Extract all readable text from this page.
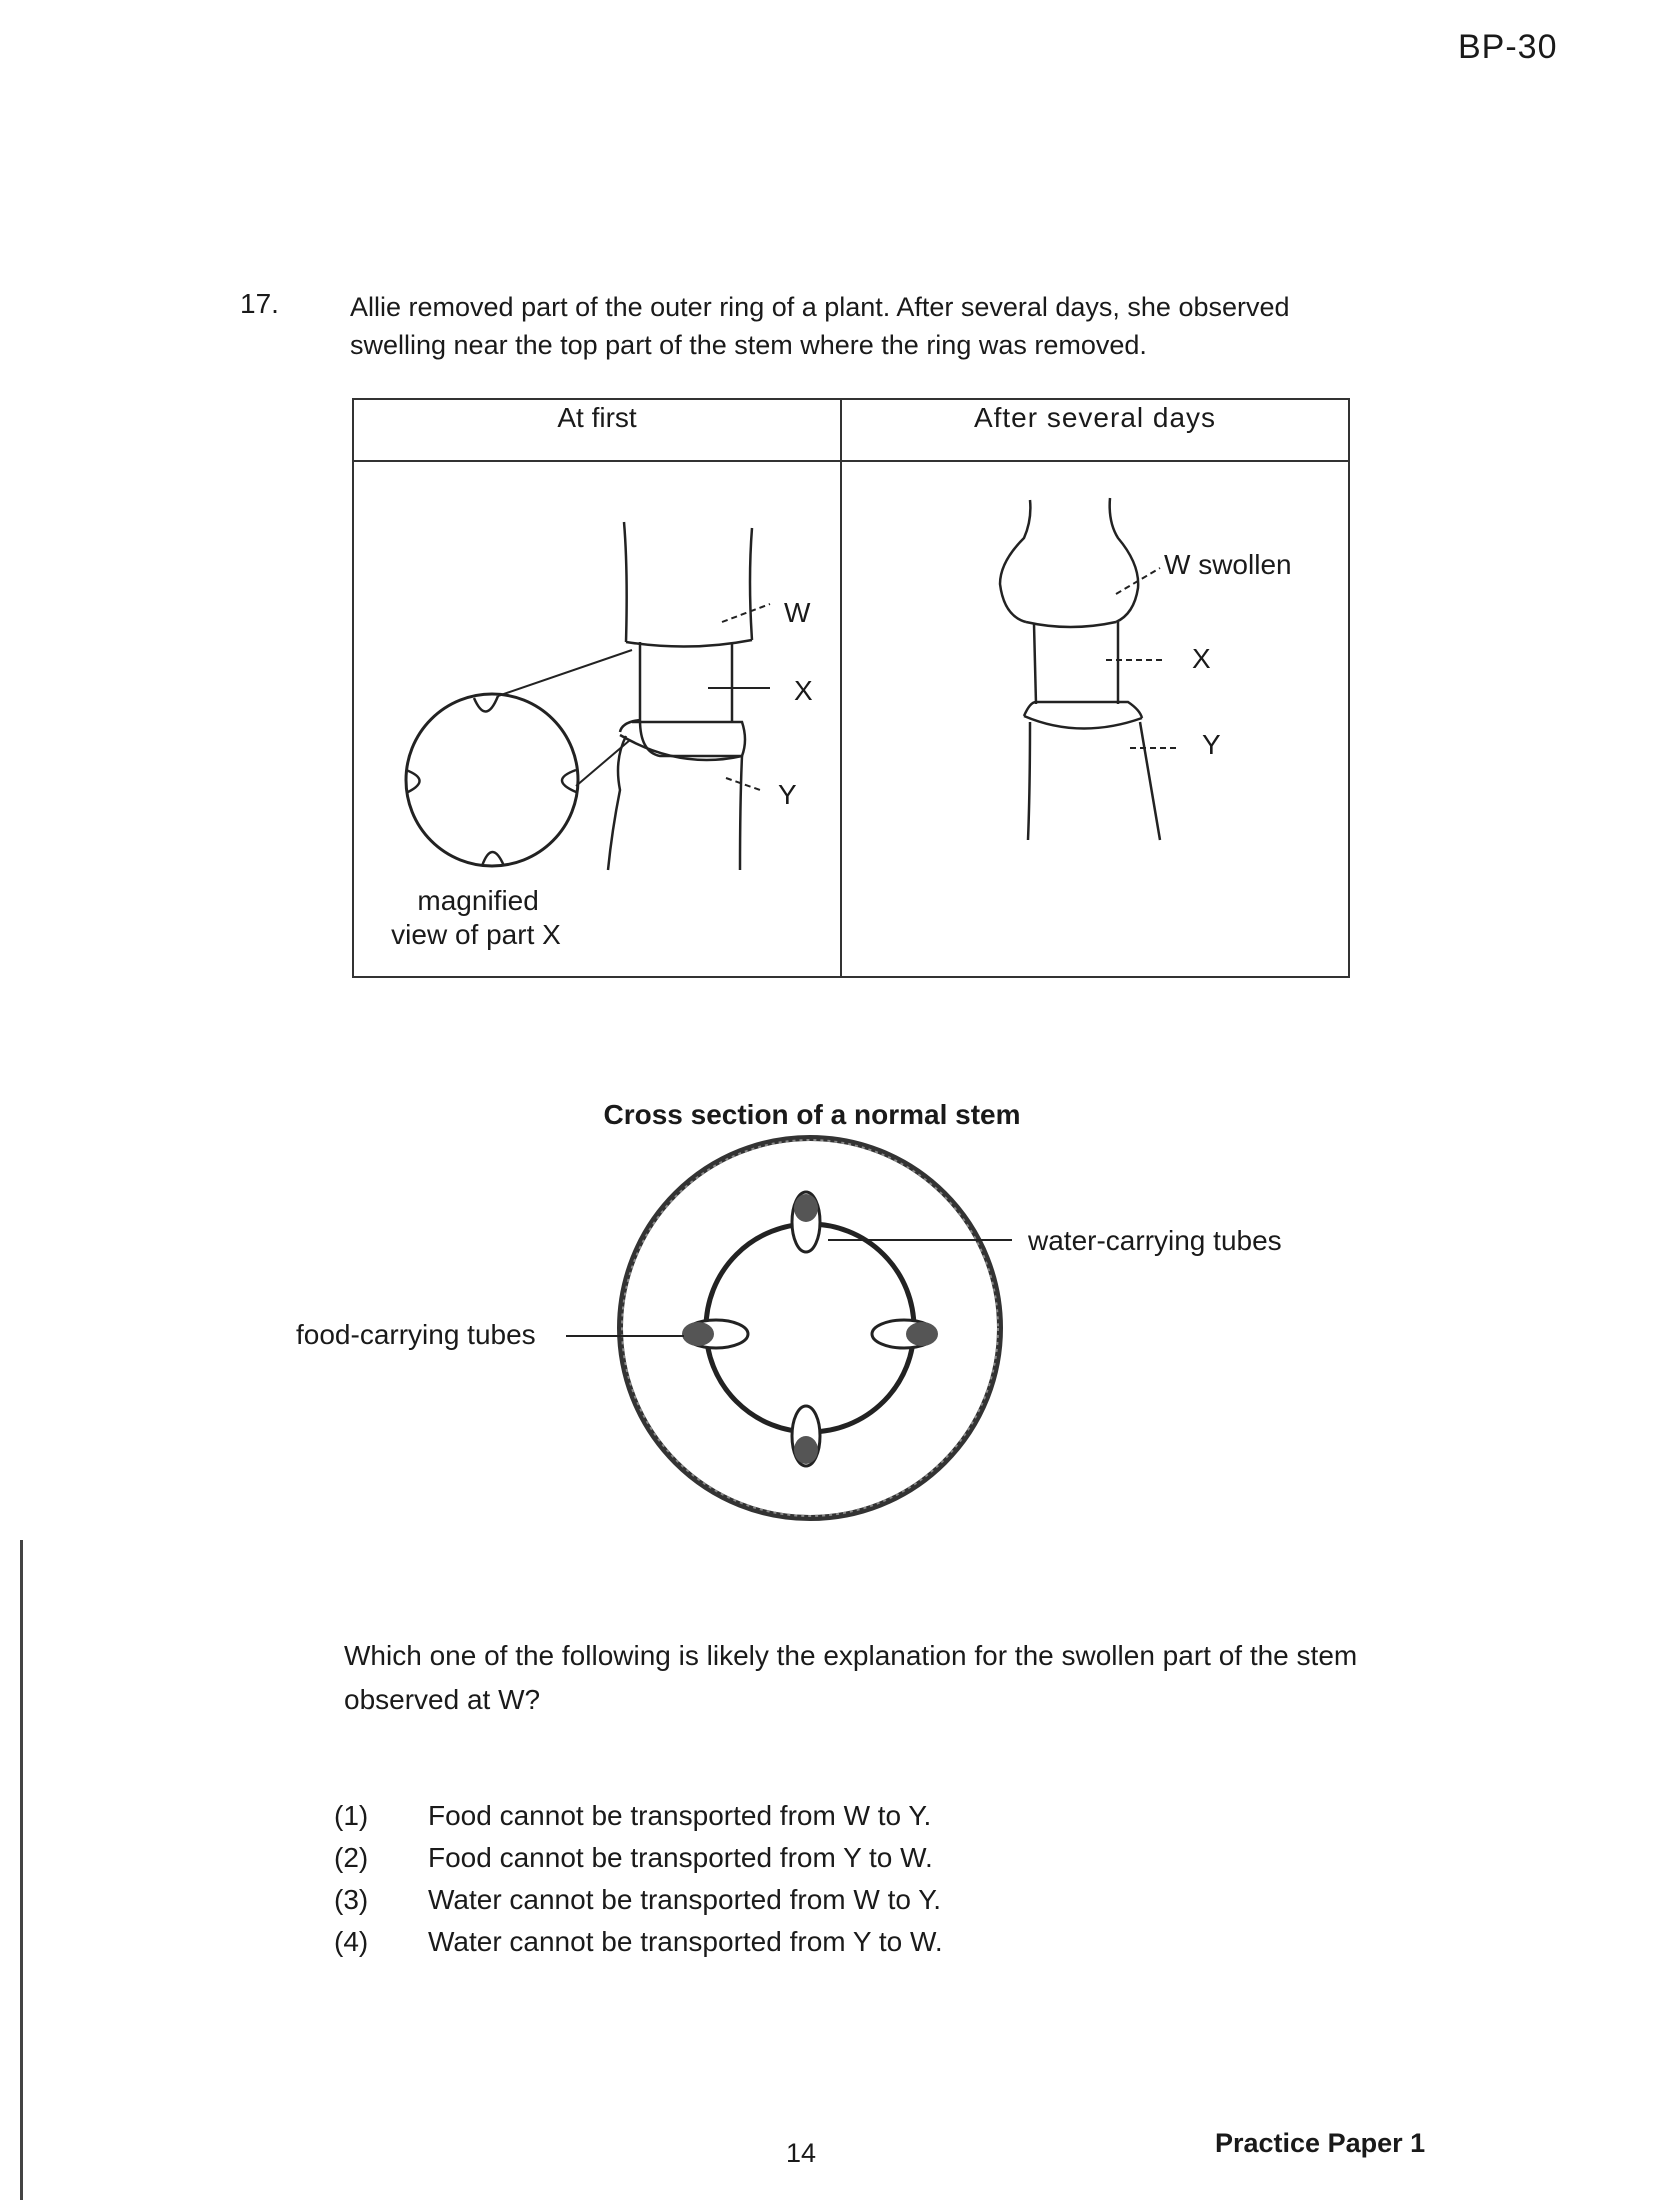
BP-30
17.	Allie removed part of the outer ring of a plant. After several days, she observed swelling near the top part of the stem where the ring was removed.
At first	After several days
W
X
Y
magnified view of part X
W swollen
X
Y
Cross section of a normal stem
water-carrying tubes
food-carrying tubes
Which one of the following is likely the explanation for the swollen part of the stem observed at W?
(1)	Food cannot be transported from W to Y.
(2)	Food cannot be transported from Y to W.
(3)	Water cannot be transported from W to Y.
(4)	Water cannot be transported from Y to W.
14	Practice Paper 1
